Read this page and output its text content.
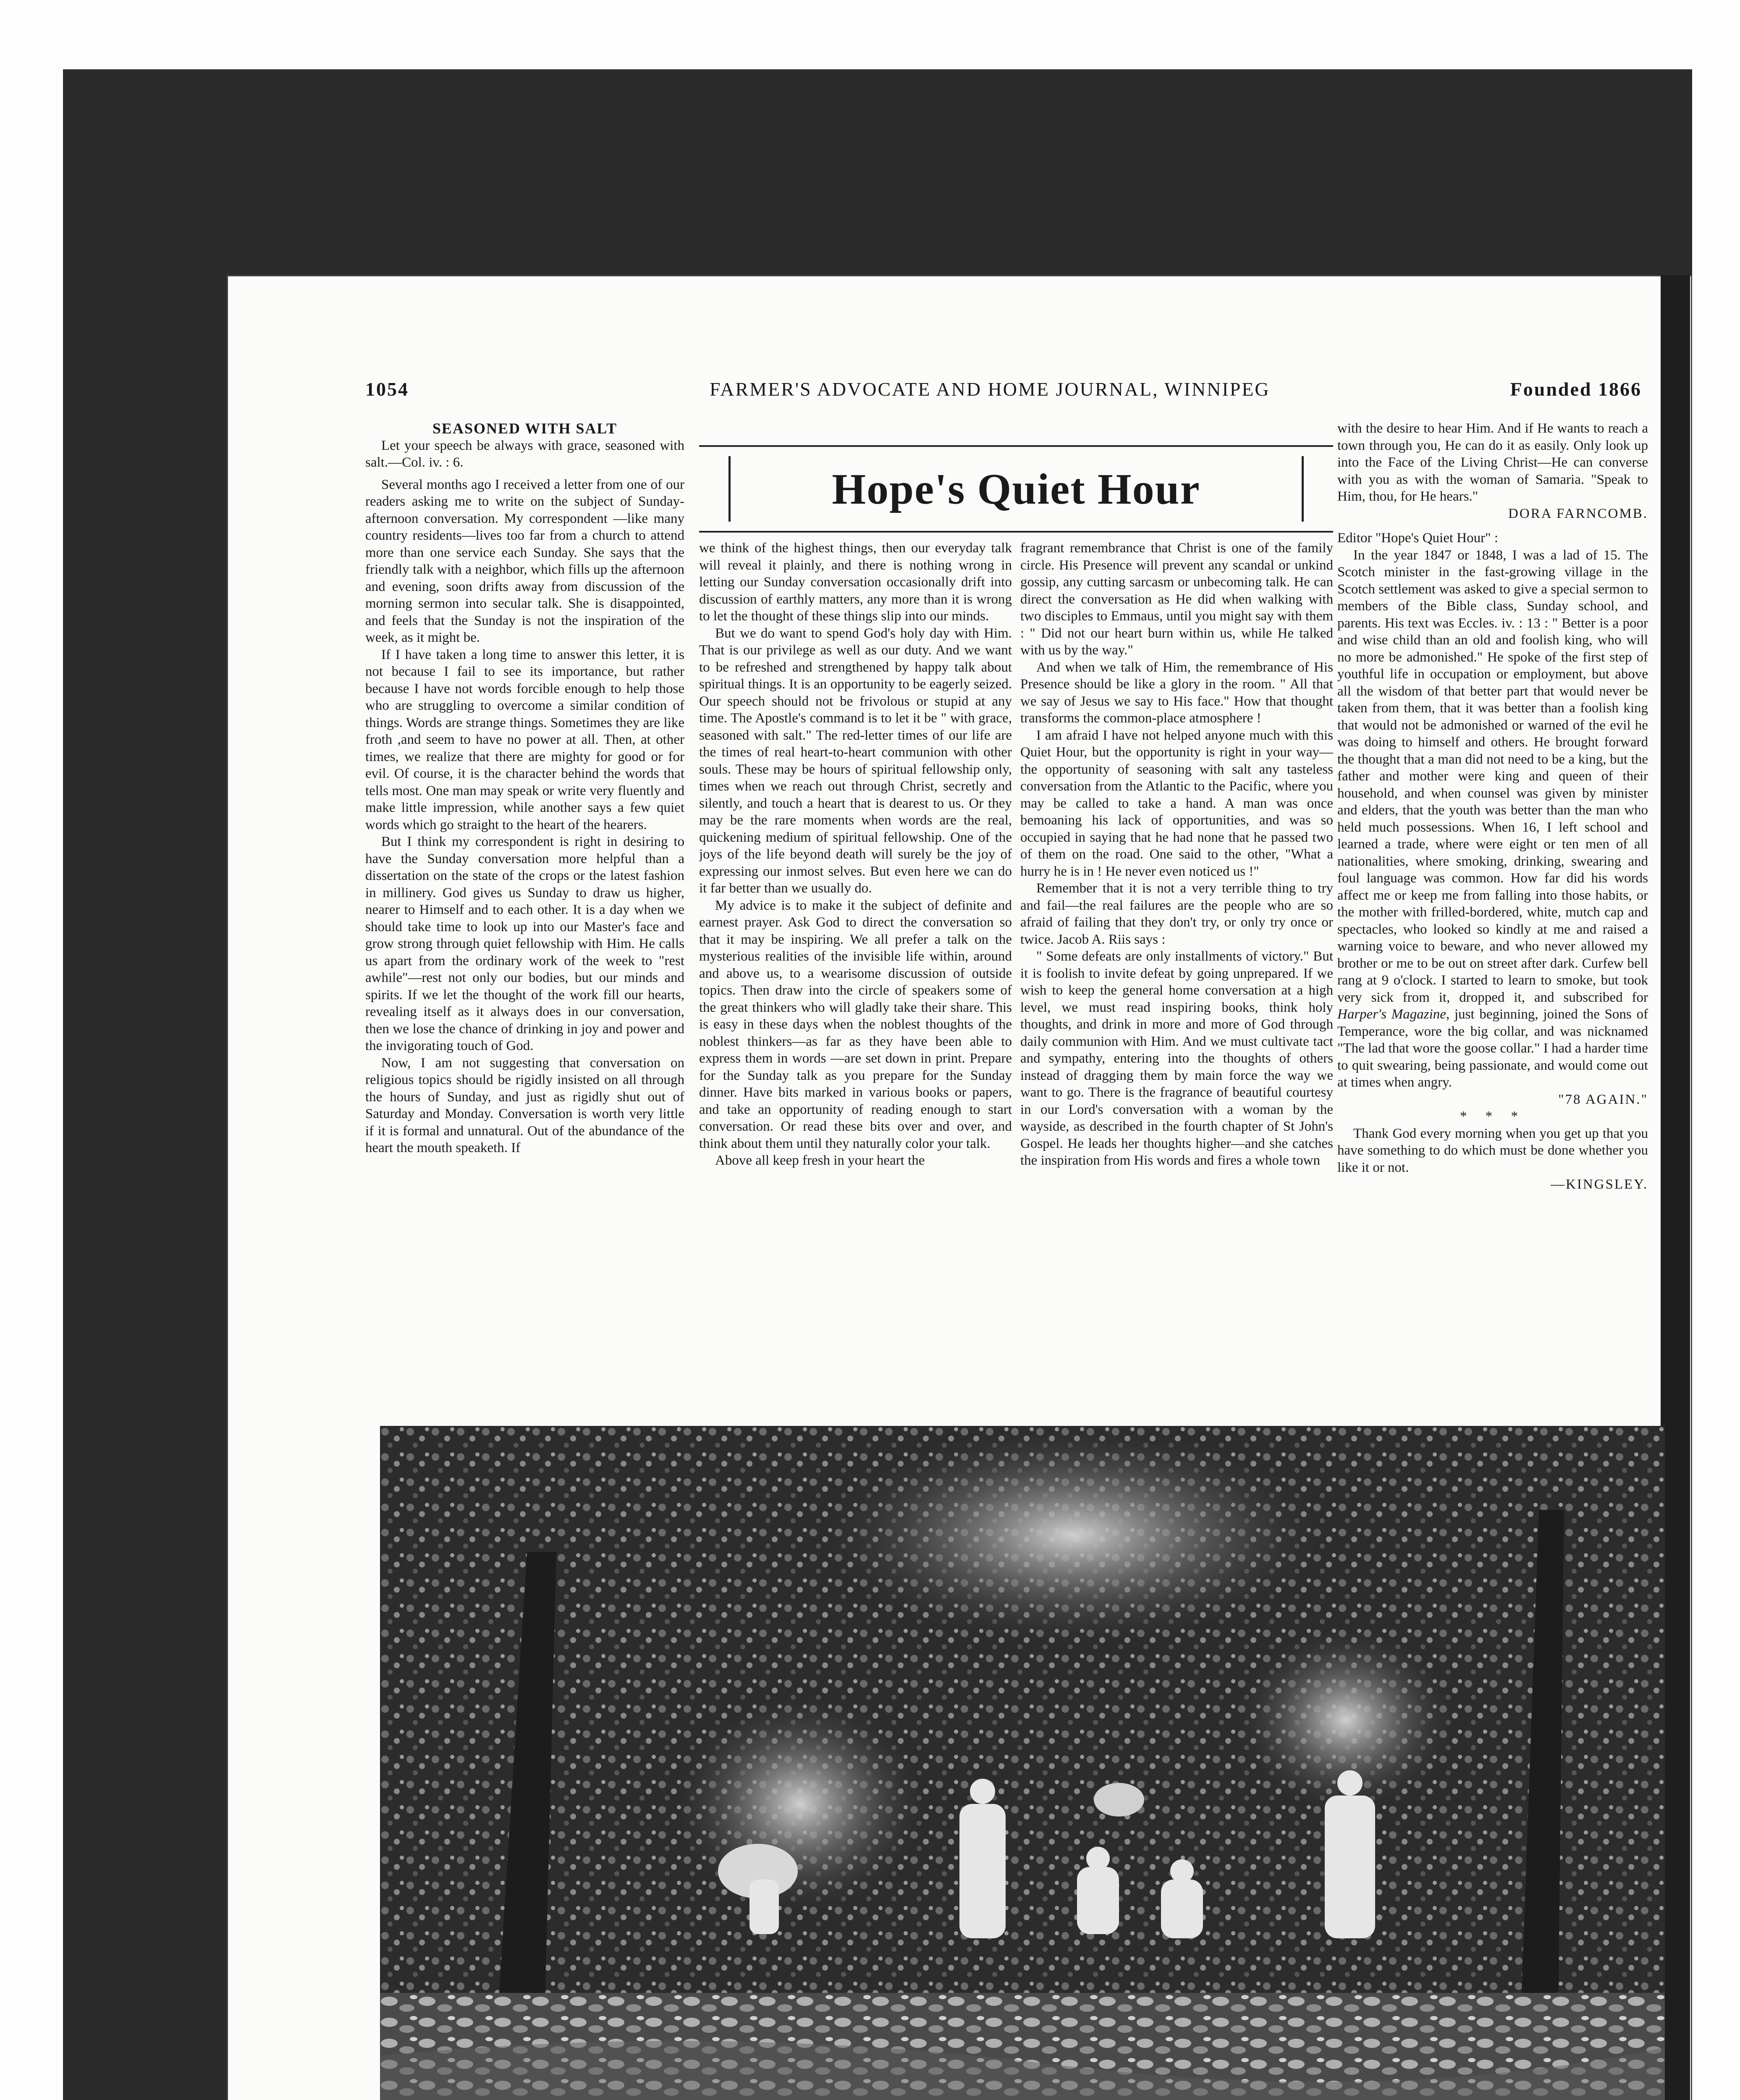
1054	FARMER'S ADVOCATE AND HOME JOURNAL, WINNIPEG	Founded 1866
Hope's Quiet Hour

SEASONED WITH SALT

Let your speech be always with grace, seasoned with salt.—Col. iv. : 6.

Several months ago I received a letter from one of our readers asking me to write on the subject of Sunday-afternoon conversation. My correspondent —like many country residents—lives too far from a church to attend more than one service each Sunday. She says that the friendly talk with a neighbor, which fills up the afternoon and evening, soon drifts away from discussion of the morning sermon into secular talk. She is disappointed, and feels that the Sunday is not the inspiration of the week, as it might be.

If I have taken a long time to answer this letter, it is not because I fail to see its importance, but rather because I have not words forcible enough to help those who are struggling to overcome a similar condition of things. Words are strange things. Sometimes they are like froth ,and seem to have no power at all. Then, at other times, we realize that there are mighty for good or for evil. Of course, it is the character behind the words that tells most. One man may speak or write very fluently and make little impression, while another says a few quiet words which go straight to the heart of the hearers.

But I think my correspondent is right in desiring to have the Sunday conversation more helpful than a dissertation on the state of the crops or the latest fashion in millinery. God gives us Sunday to draw us higher, nearer to Himself and to each other. It is a day when we should take time to look up into our Master's face and grow strong through quiet fellowship with Him. He calls us apart from the ordinary work of the week to "rest awhile"—rest not only our bodies, but our minds and spirits. If we let the thought of the work fill our hearts, revealing itself as it always does in our conversation, then we lose the chance of drinking in joy and power and the invigorating touch of God.

Now, I am not suggesting that conversation on religious topics should be rigidly insisted on all through the hours of Sunday, and just as rigidly shut out of Saturday and Monday. Conversation is worth very little if it is formal and unnatural. Out of the abundance of the heart the mouth speaketh. If

we think of the highest things, then our everyday talk will reveal it plainly, and there is nothing wrong in letting our Sunday conversation occasionally drift into discussion of earthly matters, any more than it is wrong to let the thought of these things slip into our minds.

But we do want to spend God's holy day with Him. That is our privilege as well as our duty. And we want to be refreshed and strengthened by happy talk about spiritual things. It is an opportunity to be eagerly seized. Our speech should not be frivolous or stupid at any time. The Apostle's command is to let it be " with grace, seasoned with salt." The red-letter times of our life are the times of real heart-to-heart communion with other souls. These may be hours of spiritual fellowship only, times when we reach out through Christ, secretly and silently, and touch a heart that is dearest to us. Or they may be the rare moments when words are the real, quickening medium of spiritual fellowship. One of the joys of the life beyond death will surely be the joy of expressing our inmost selves. But even here we can do it far better than we usually do.

My advice is to make it the subject of definite and earnest prayer. Ask God to direct the conversation so that it may be inspiring. We all prefer a talk on the mysterious realities of the invisible life within, around and above us, to a wearisome discussion of outside topics. Then draw into the circle of speakers some of the great thinkers who will gladly take their share. This is easy in these days when the noblest thoughts of the noblest thinkers—as far as they have been able to express them in words —are set down in print. Prepare for the Sunday talk as you prepare for the Sunday dinner. Have bits marked in various books or papers, and take an opportunity of reading enough to start conversation. Or read these bits over and over, and think about them until they naturally color your talk.

Above all keep fresh in your heart the

fragrant remembrance that Christ is one of the family circle. His Presence will prevent any scandal or unkind gossip, any cutting sarcasm or unbecoming talk. He can direct the conversation as He did when walking with two disciples to Emmaus, until you might say with them : " Did not our heart burn within us, while He talked with us by the way."

And when we talk of Him, the remembrance of His Presence should be like a glory in the room. " All that we say of Jesus we say to His face." How that thought transforms the common-place atmosphere !

I am afraid I have not helped anyone much with this Quiet Hour, but the opportunity is right in your way—the opportunity of seasoning with salt any tasteless conversation from the Atlantic to the Pacific, where you may be called to take a hand. A man was once bemoaning his lack of opportunities, and was so occupied in saying that he had none that he passed two of them on the road. One said to the other, "What a hurry he is in ! He never even noticed us !"

Remember that it is not a very terrible thing to try and fail—the real failures are the people who are so afraid of failing that they don't try, or only try once or twice. Jacob A. Riis says :

" Some defeats are only installments of victory." But it is foolish to invite defeat by going unprepared. If we wish to keep the general home conversation at a high level, we must read inspiring books, think holy thoughts, and drink in more and more of God through daily communion with Him. And we must cultivate tact and sympathy, entering into the thoughts of others instead of dragging them by main force the way we want to go. There is the fragrance of beautiful courtesy in our Lord's conversation with a woman by the wayside, as described in the fourth chapter of St John's Gospel. He leads her thoughts higher—and she catches the inspiration from His words and fires a whole town

with the desire to hear Him. And if He wants to reach a town through you, He can do it as easily. Only look up into the Face of the Living Christ—He can converse with you as with the woman of Samaria. "Speak to Him, thou, for He hears."

DORA FARNCOMB.

Editor "Hope's Quiet Hour" :

In the year 1847 or 1848, I was a lad of 15. The Scotch minister in the fast-growing village in the Scotch settlement was asked to give a special sermon to members of the Bible class, Sunday school, and parents. His text was Eccles. iv. : 13 : " Better is a poor and wise child than an old and foolish king, who will no more be admonished." He spoke of the first step of youthful life in occupation or employment, but above all the wisdom of that better part that would never be taken from them, that it was better than a foolish king that would not be admonished or warned of the evil he was doing to himself and others. He brought forward the thought that a man did not need to be a king, but the father and mother were king and queen of their household, and when counsel was given by minister and elders, that the youth was better than the man who held much possessions. When 16, I left school and learned a trade, where were eight or ten men of all nationalities, where smoking, drinking, swearing and foul language was common. How far did his words affect me or keep me from falling into those habits, or the mother with frilled-bordered, white, mutch cap and spectacles, who looked so kindly at me and raised a warning voice to beware, and who never allowed my brother or me to be out on street after dark. Curfew bell rang at 9 o'clock. I started to learn to smoke, but took very sick from it, dropped it, and subscribed for Harper's Magazine, just beginning, joined the Sons of Temperance, wore the big collar, and was nicknamed "The lad that wore the goose collar." I had a harder time to quit swearing, being passionate, and would come out at times when angry.

"78 AGAIN."

* * *

Thank God every morning when you get up that you have something to do which must be done whether you like it or not.

—KINGSLEY.
